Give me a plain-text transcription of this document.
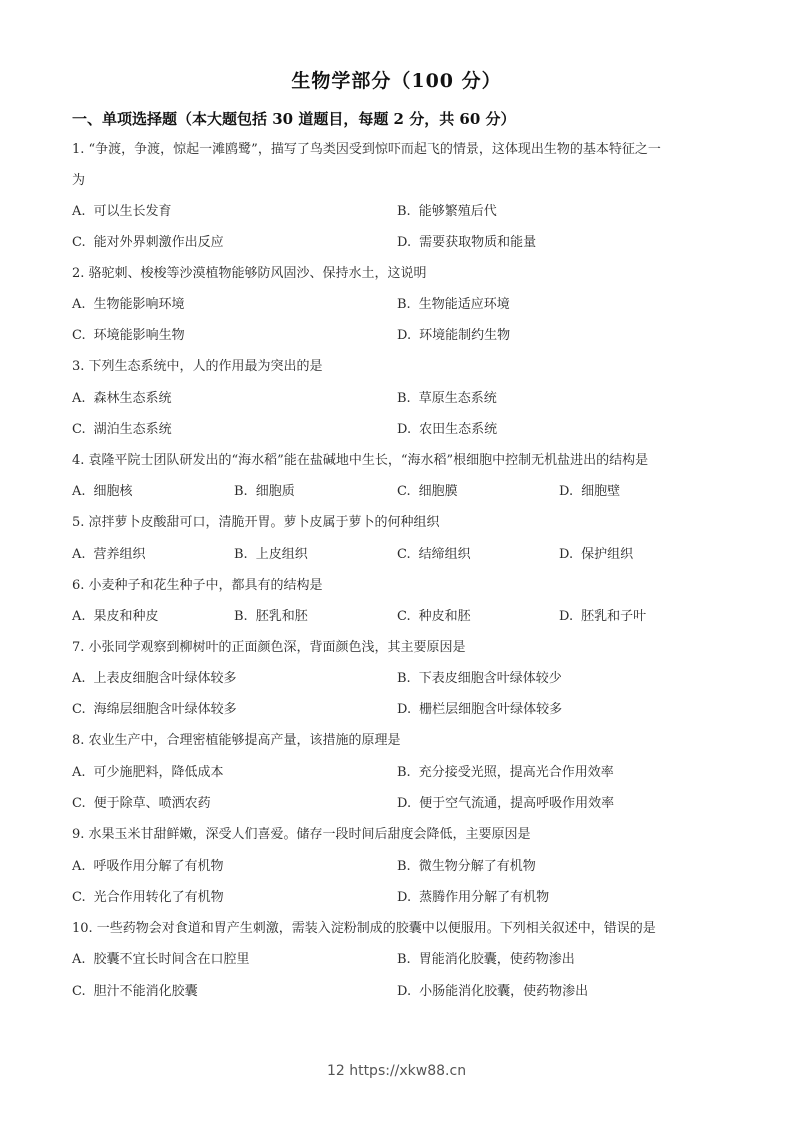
生物学部分（100 分）
一、单项选择题（本大题包括 30 道题目，每题 2 分，共 60 分）
1. “争渡，争渡，惊起一滩鸥鹭”，描写了鸟类因受到惊吓而起飞的情景，这体现出生物的基本特征之一
为
A. 可以生长发育	B. 能够繁殖后代
C. 能对外界刺激作出反应	D. 需要获取物质和能量
2. 骆驼刺、梭梭等沙漠植物能够防风固沙、保持水土，这说明
A. 生物能影响环境	B. 生物能适应环境
C. 环境能影响生物	D. 环境能制约生物
3. 下列生态系统中，人的作用最为突出的是
A. 森林生态系统	B. 草原生态系统
C. 湖泊生态系统	D. 农田生态系统
4. 袁隆平院士团队研发出的“海水稻”能在盐碱地中生长，“海水稻”根细胞中控制无机盐进出的结构是
A. 细胞核	B. 细胞质	C. 细胞膜	D. 细胞壁
5. 凉拌萝卜皮酸甜可口，清脆开胃。萝卜皮属于萝卜的何种组织
A. 营养组织	B. 上皮组织	C. 结缔组织	D. 保护组织
6. 小麦种子和花生种子中，都具有的结构是
A. 果皮和种皮	B. 胚乳和胚	C. 种皮和胚	D. 胚乳和子叶
7. 小张同学观察到柳树叶的正面颜色深，背面颜色浅，其主要原因是
A. 上表皮细胞含叶绿体较多	B. 下表皮细胞含叶绿体较少
C. 海绵层细胞含叶绿体较多	D. 栅栏层细胞含叶绿体较多
8. 农业生产中，合理密植能够提高产量，该措施的原理是
A. 可少施肥料，降低成本	B. 充分接受光照，提高光合作用效率
C. 便于除草、喷洒农药	D. 便于空气流通，提高呼吸作用效率
9. 水果玉米甘甜鲜嫩，深受人们喜爱。储存一段时间后甜度会降低，主要原因是
A. 呼吸作用分解了有机物	B. 微生物分解了有机物
C. 光合作用转化了有机物	D. 蒸腾作用分解了有机物
10. 一些药物会对食道和胃产生刺激，需装入淀粉制成的胶囊中以便服用。下列相关叙述中，错误的是
A. 胶囊不宜长时间含在口腔里	B. 胃能消化胶囊，使药物渗出
C. 胆汁不能消化胶囊	D. 小肠能消化胶囊，使药物渗出
12 https://xkw88.cn
